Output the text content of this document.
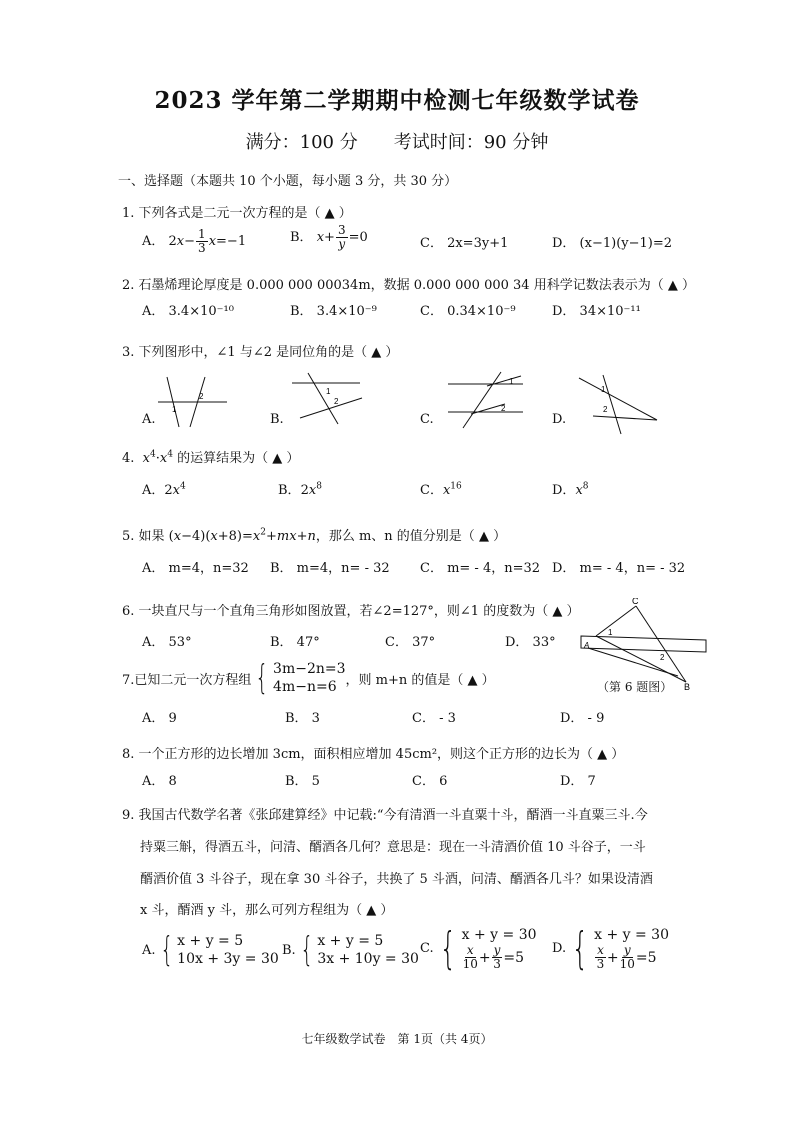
2023 学年第二学期期中检测七年级数学试卷
满分：100 分　　考试时间：90 分钟
一、选择题（本题共 10 个小题，每小题 3 分，共 30 分）
1. 下列各式是二元一次方程的是（ ▲ ）
A． $2x- \frac{1}{3} x=-1$	B． $x+ \frac{3}{y} =0$	C． 2x=3y+1	D． (x−1)(y−1)=2
2. 石墨烯理论厚度是 0.000 000 00034m，数据 0.000 000 000 34 用科学记数法表示为（ ▲ ）
A． 3.4×10⁻¹⁰	B． 3.4×10⁻⁹	C． 0.34×10⁻⁹	D． 34×10⁻¹¹
3. 下列图形中，∠1 与∠2 是同位角的是（ ▲ ）
A.	B.	C.	D.
1
2
1
2
1
2
1
2
4.  $x^4\cdot x^4$ 的运算结果为（ ▲ ）
A．$2x^4$	B．$2x^8$	C．$x^{16}$	D．$x^8$
5. 如果 $(x-4)(x+8)=x^2+mx+n$，那么 m、n 的值分别是（ ▲ ）
A． m=4，n=32 B． m=4，n= - 32 C． m= - 4，n=32 D． m= - 4，n= - 32
6. 一块直尺与一个直角三角形如图放置，若∠2=127°，则∠1 的度数为（ ▲ ）
A． 53°	B． 47°	C． 37°	D． 33°
C
A
B
1
2
（第 6 题图）
7.已知二元一次方程组 { 3m−2n=3
4m−n=6 ，则 m+n 的值是（ ▲ ）
A． 9	B． 3	C． - 3	D． - 9
8. 一个正方形的边长增加 3cm，面积相应增加 45cm²，则这个正方形的边长为（ ▲ ）
A． 8	B． 5	C． 6	D． 7
9. 我国古代数学名著《张邱建算经》中记载:“今有清酒一斗直粟十斗，醑酒一斗直粟三斗.今
持粟三斛，得酒五斗，问清、醑酒各几何？意思是：现在一斗清酒价值 10 斗谷子，一斗
醑酒价值 3 斗谷子，现在拿 30 斗谷子，共换了 5 斗酒，问清、醑酒各几斗？如果设清酒
x 斗，醑酒 y 斗，那么可列方程组为（ ▲ ）
A. { x + y = 5
10x + 3y = 30
B. { x + y = 5
3x + 10y = 30
C. { x + y = 30
$\frac{x}{10} + \frac{y}{3} =5$
D. { x + y = 30
$\frac{x}{3} + \frac{y}{10} =5$
七年级数学试卷　第 1页（共 4页）
